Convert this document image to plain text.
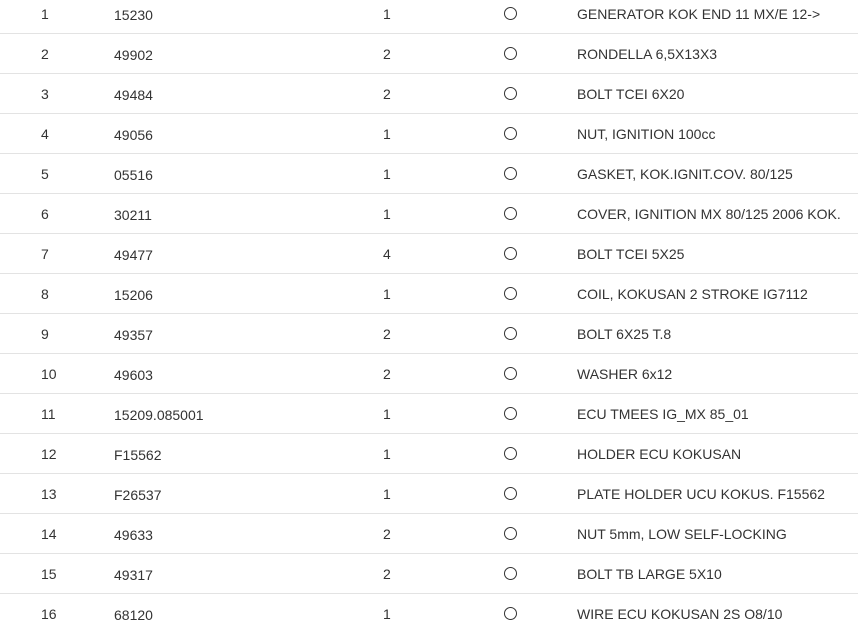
1	15230	1	GENERATOR KOK END 11 MX/E 12->
2	49902	2	RONDELLA 6,5X13X3
3	49484	2	BOLT TCEI 6X20
4	49056	1	NUT, IGNITION 100cc
5	05516	1	GASKET, KOK.IGNIT.COV. 80/125
6	30211	1	COVER, IGNITION MX 80/125 2006 KOK.
7	49477	4	BOLT TCEI 5X25
8	15206	1	COIL, KOKUSAN 2 STROKE IG7112
9	49357	2	BOLT 6X25 T.8
10	49603	2	WASHER 6x12
11	15209.085001	1	ECU TMEES IG_MX 85_01
12	F15562	1	HOLDER ECU KOKUSAN
13	F26537	1	PLATE HOLDER UCU KOKUS. F15562
14	49633	2	NUT 5mm, LOW SELF-LOCKING
15	49317	2	BOLT TB LARGE 5X10
16	68120	1	WIRE ECU KOKUSAN 2S O8/10
